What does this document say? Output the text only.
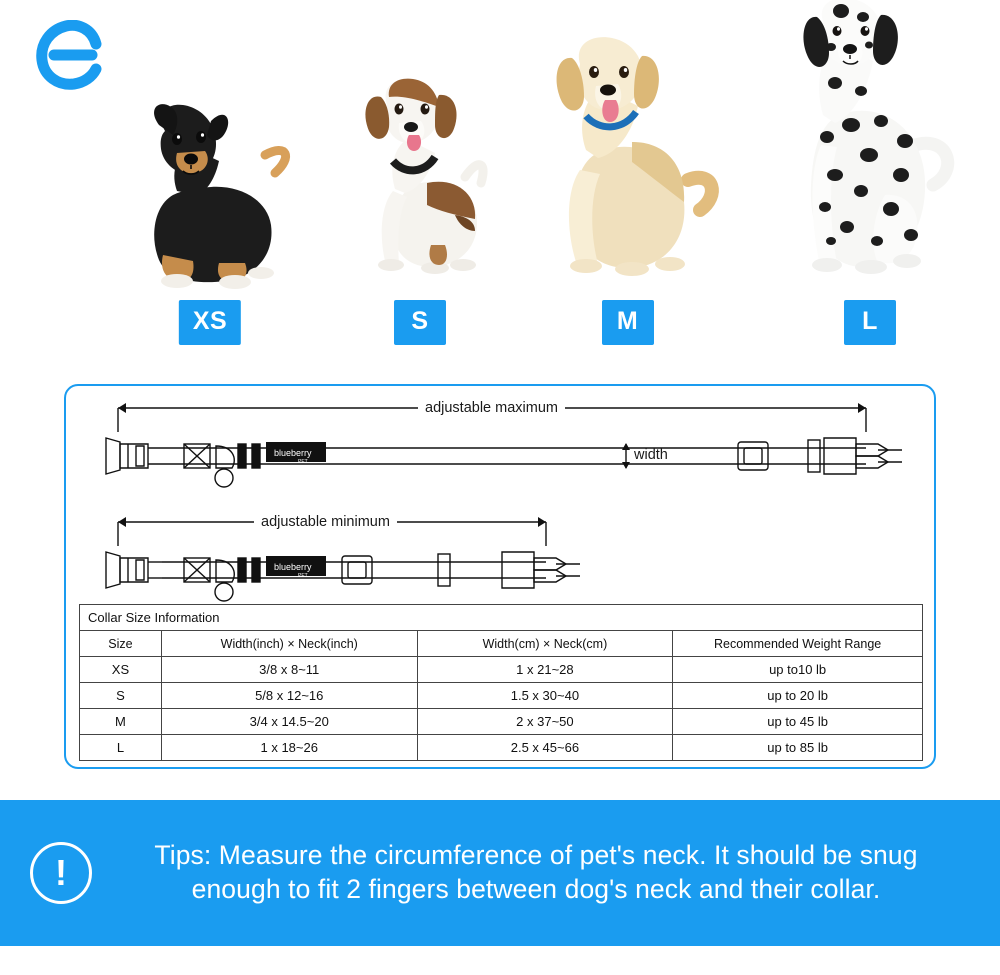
XS	S	M	L
blueberry
PET
blueberry
PET
adjustable maximum
adjustable minimum
width
Collar Size Information			
Size	Width(inch) × Neck(inch)	Width(cm) × Neck(cm)	Recommended Weight Range
XS	3/8 x 8~11	1 x 21~28	up to10 lb
S	5/8 x 12~16	1.5 x 30~40	up to 20 lb
M	3/4 x 14.5~20	2 x 37~50	up to 45 lb
L	1 x 18~26	2.5 x 45~66	up to 85 lb
!	Tips: Measure the circumference of pet's neck. It should be snug
enough to fit 2 fingers between dog's neck and their collar.
